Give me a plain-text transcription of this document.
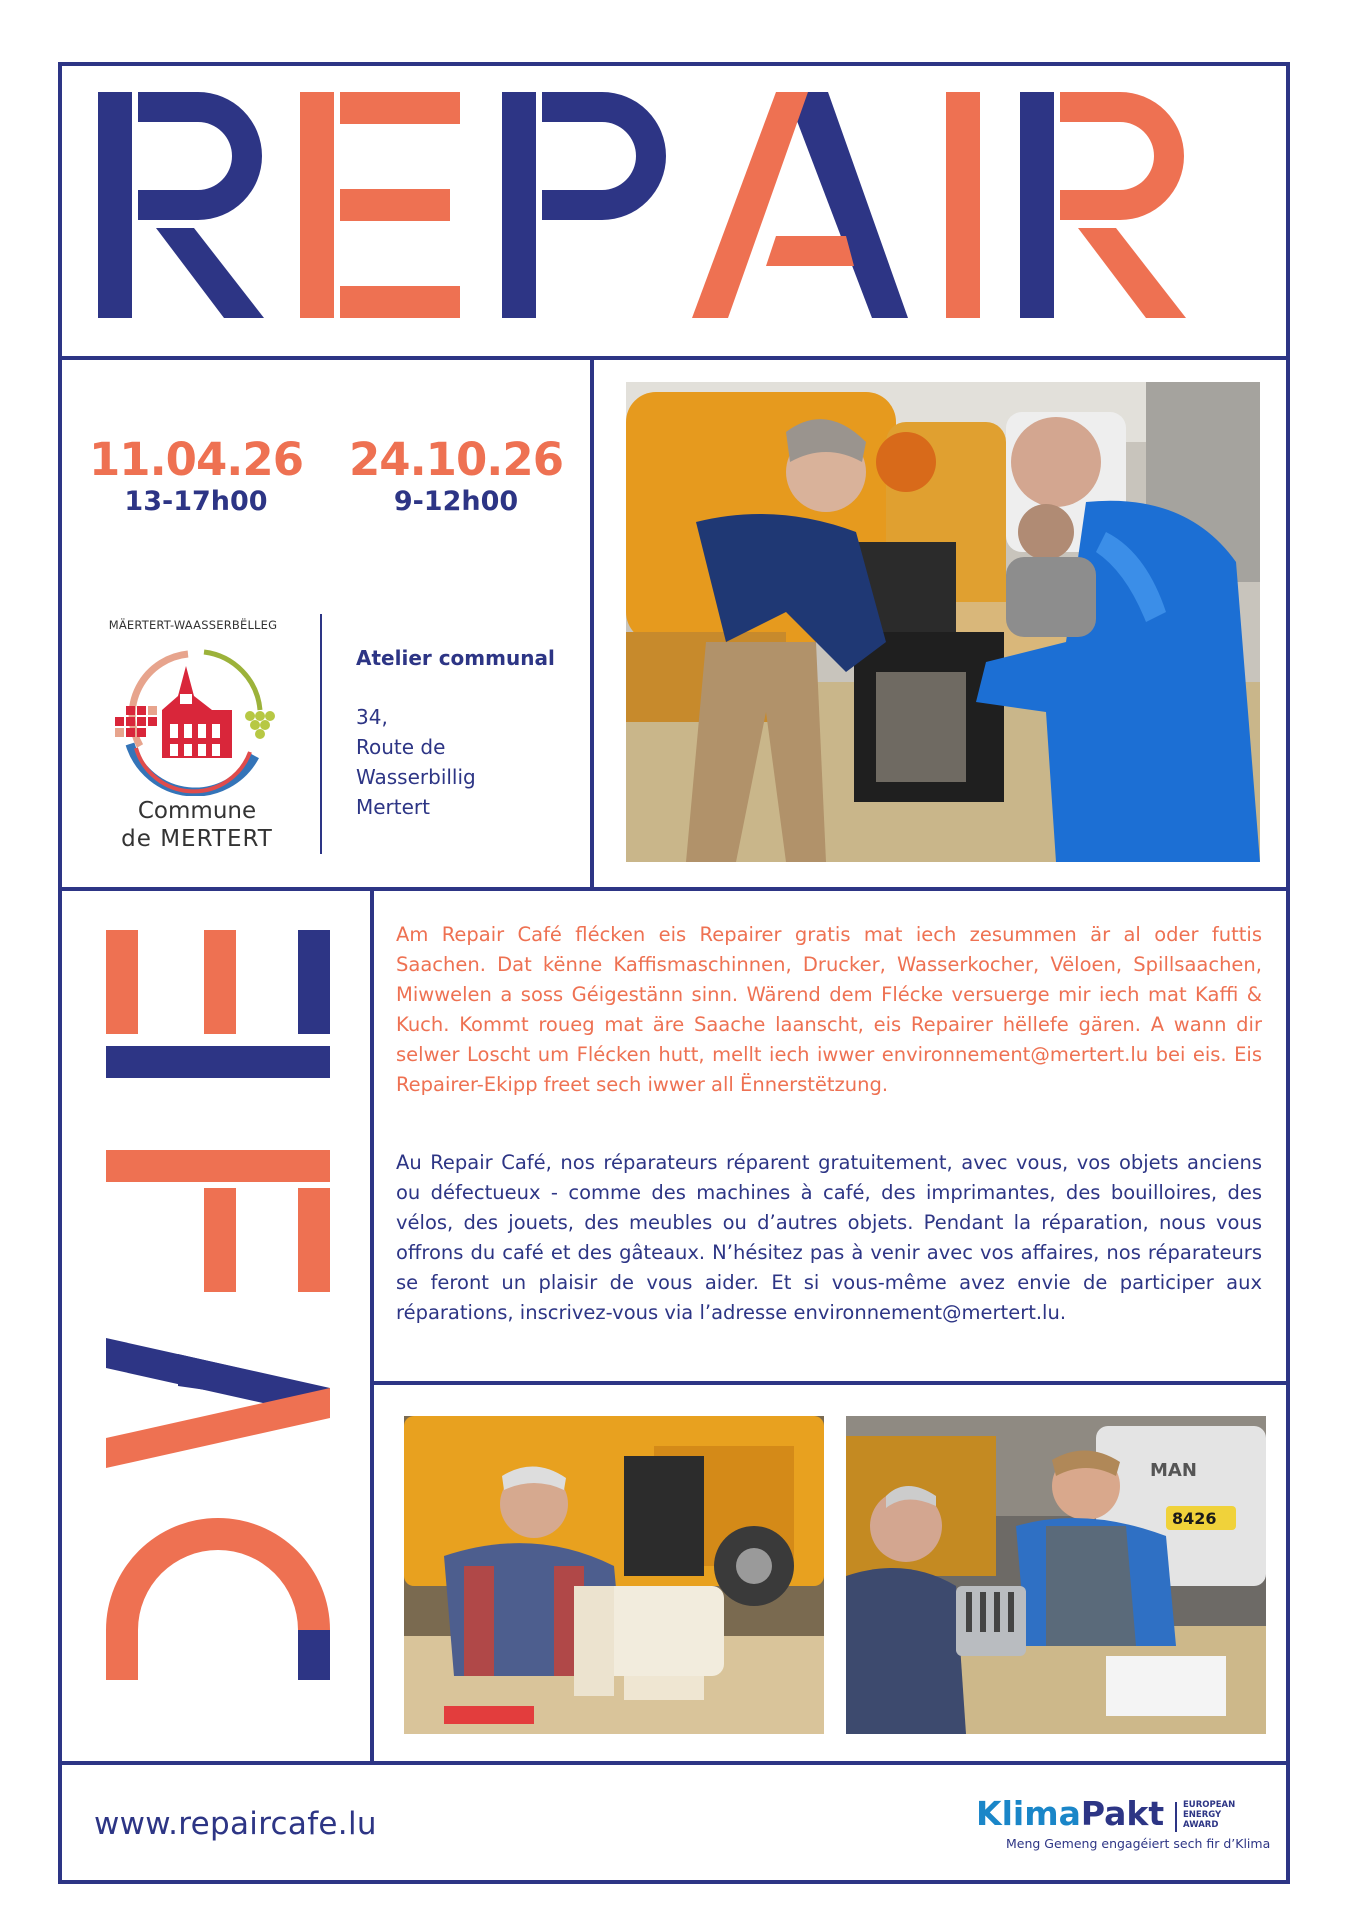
11.04.26
13-17h00
24.10.26
9-12h00
MÄERTERT-WAASSERBËLLEG
Commune
de MERTERT
Atelier communal
34,
Route de
Wasserbillig
Mertert

Am Repair Café flécken eis Repairer gratis mat iech zesummen är al oder futtis Saachen. Dat kënne Kaffismaschinnen, Drucker, Wasserkocher, Vëloen, Spillsaachen, Miwwelen a soss Géigestänn sinn. Wärend dem Flécke versuerge mir iech mat Kaffi & Kuch. Kommt roueg mat äre Saache laanscht, eis Repairer hëllefe gären. A wann dir selwer Loscht um Flécken hutt, mellt iech iwwer environnement@mertert.lu bei eis. Eis Repairer-Ekipp freet sech iwwer all Ënnerstëtzung.

Au Repair Café, nos réparateurs réparent gratuitement, avec vous, vos objets anciens ou défectueux - comme des machines à café, des imprimantes, des bouilloires, des vélos, des jouets, des meubles ou d’autres objets. Pendant la réparation, nous vous offrons du café et des gâteaux. N’hésitez pas à venir avec vos affaires, nos réparateurs se feront un plaisir de vous aider. Et si vous-même avez envie de participer aux réparations, inscrivez-vous via l’adresse environnement@mertert.lu.

8426
MAN
www.repaircafe.lu	KlimaPakt EUROPEAN
ENERGY
AWARD
Meng Gemeng engagéiert sech fir d’Klima
